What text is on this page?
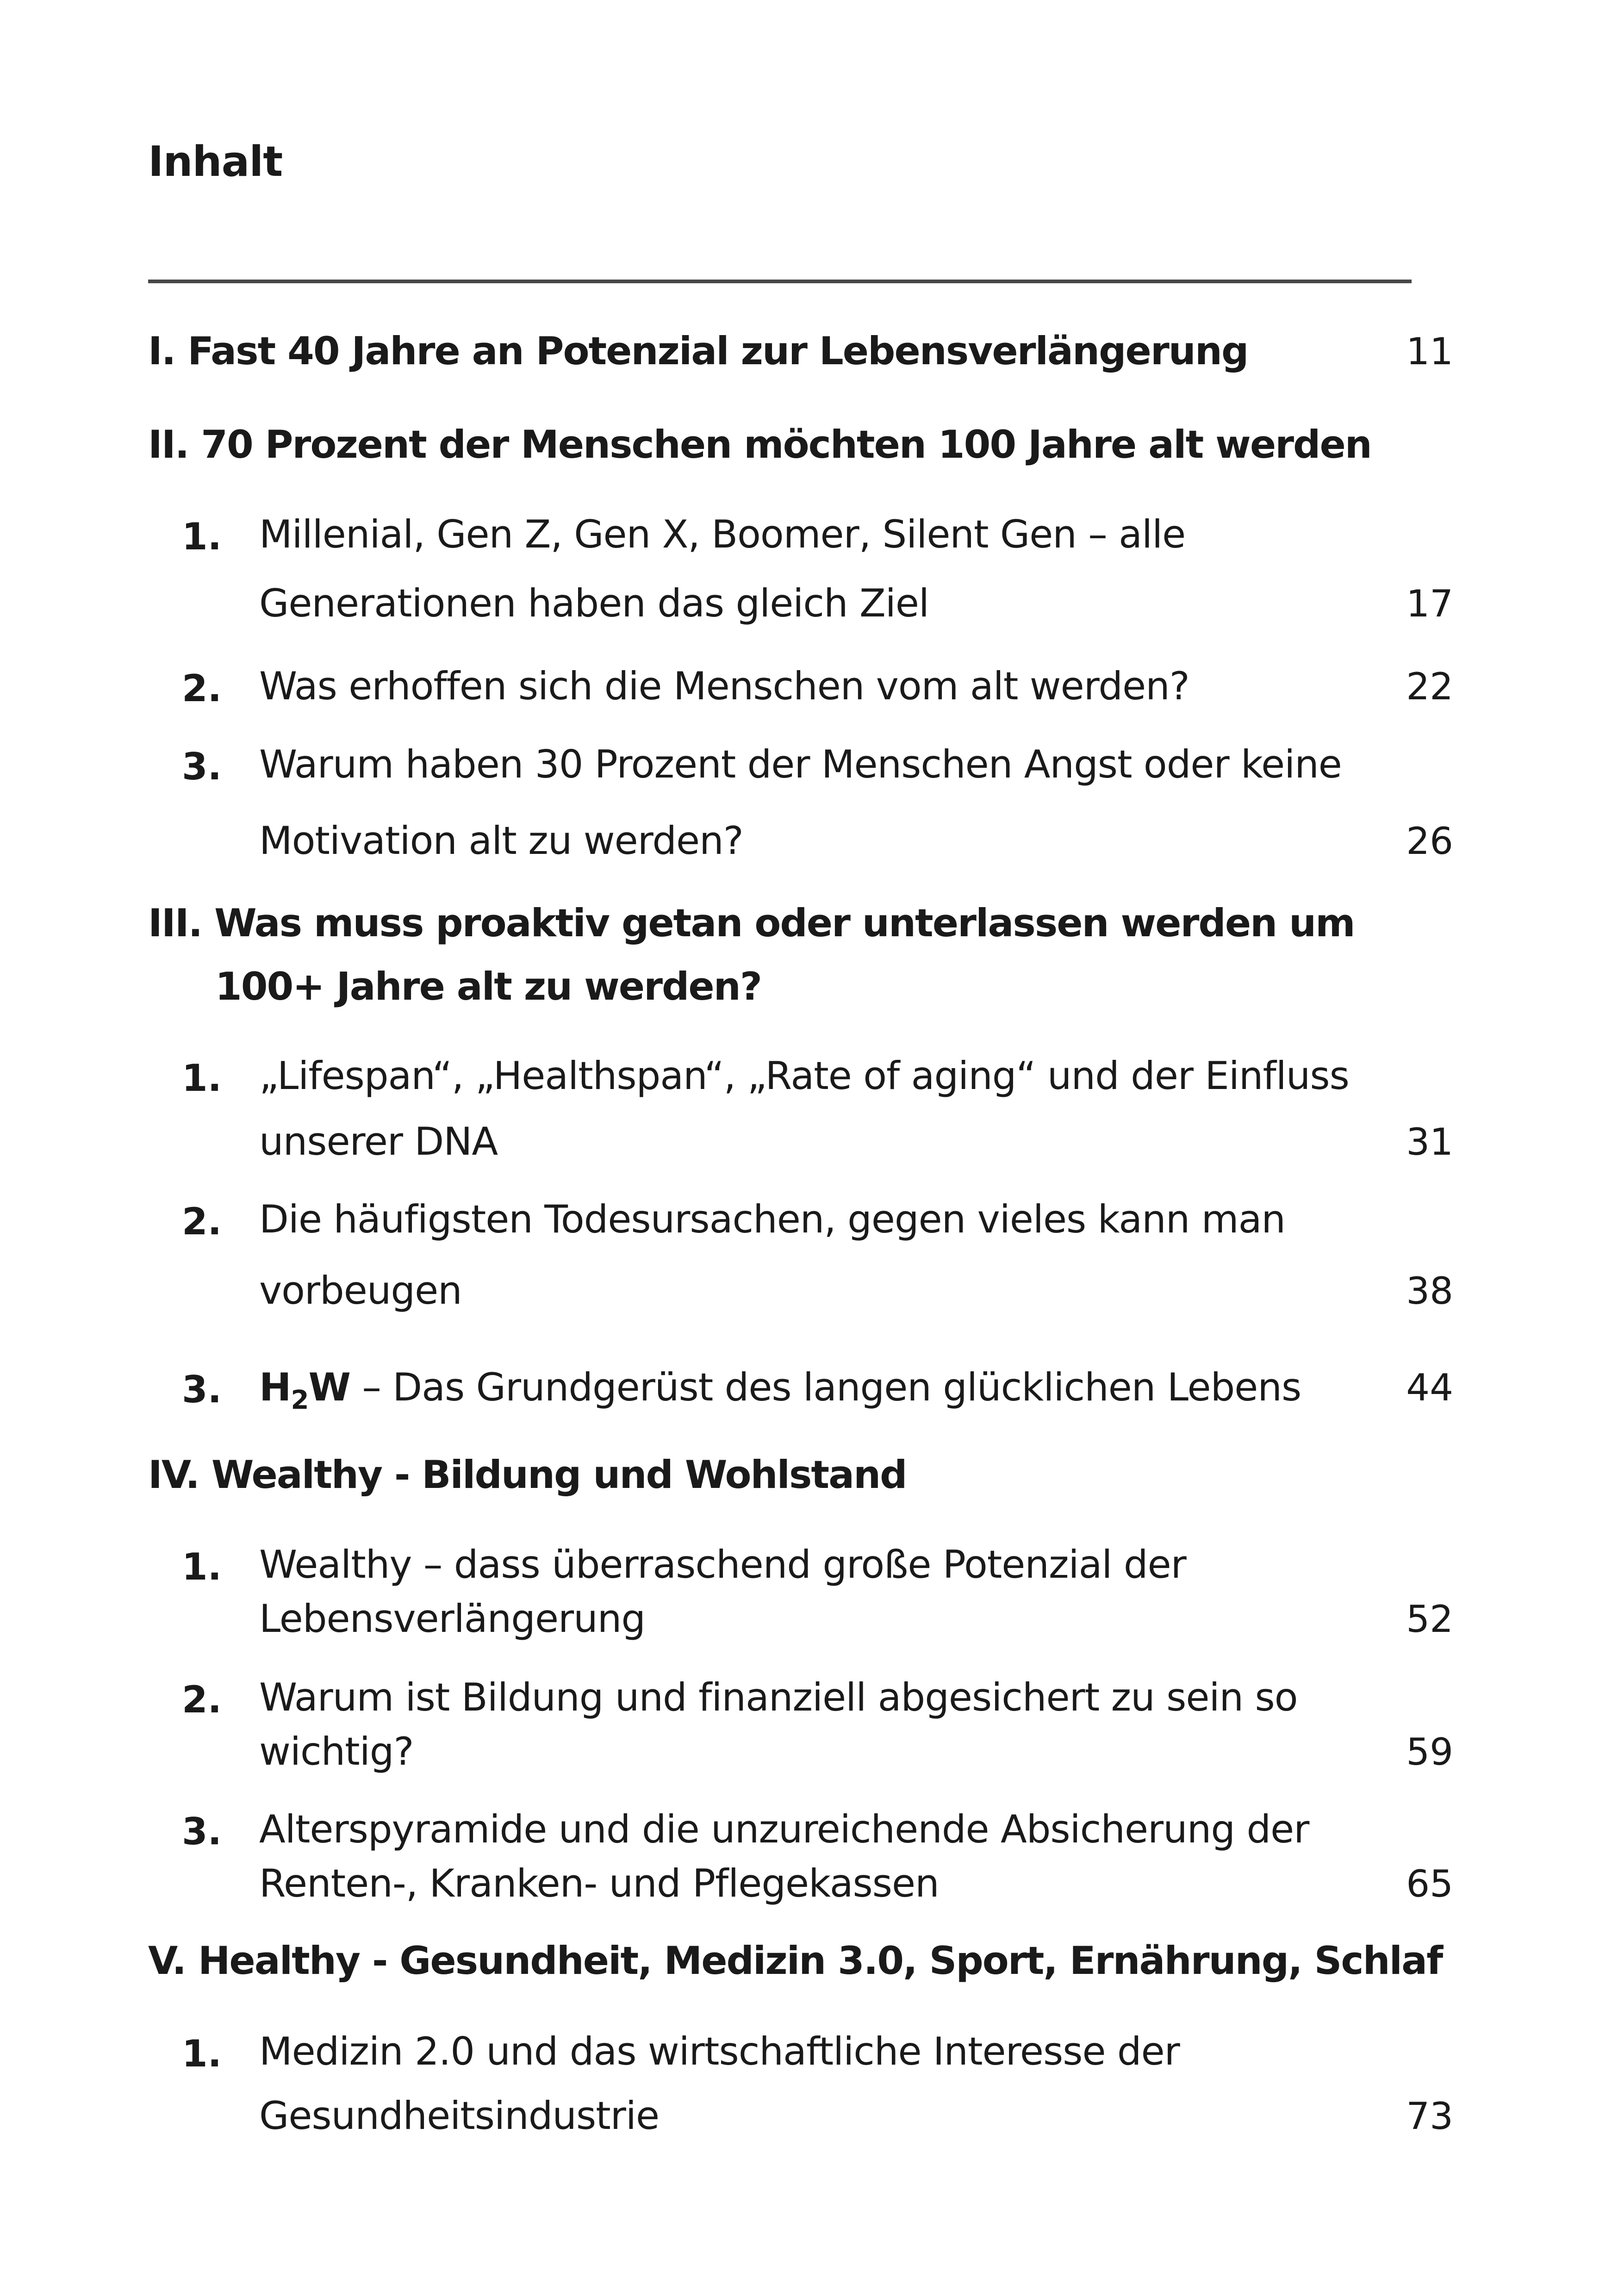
Inhalt
I. Fast 40 Jahre an Potenzial zur Lebensverlängerung	11
II. 70 Prozent der Menschen möchten 100 Jahre alt werden
1. Millenial, Gen Z, Gen X, Boomer, Silent Gen – alle
Generationen haben das gleich Ziel	17
2. Was erhoffen sich die Menschen vom alt werden?	22
3. Warum haben 30 Prozent der Menschen Angst oder keine
Motivation alt zu werden?	26
III. Was muss proaktiv getan oder unterlassen werden um
100+ Jahre alt zu werden?
1. „Lifespan“, „Healthspan“, „Rate of aging“ und der Einfluss
unserer DNA	31
2. Die häufigsten Todesursachen, gegen vieles kann man
vorbeugen	38
3. $H_2W$ – Das Grundgerüst des langen glücklichen Lebens	44
IV. Wealthy - Bildung und Wohlstand
1. Wealthy – dass überraschend große Potenzial der
Lebensverlängerung	52
2. Warum ist Bildung und finanziell abgesichert zu sein so
wichtig?	59
3. Alterspyramide und die unzureichende Absicherung der
Renten-, Kranken- und Pflegekassen	65
V. Healthy - Gesundheit, Medizin 3.0, Sport, Ernährung, Schlaf
1. Medizin 2.0 und das wirtschaftliche Interesse der
Gesundheitsindustrie	73
